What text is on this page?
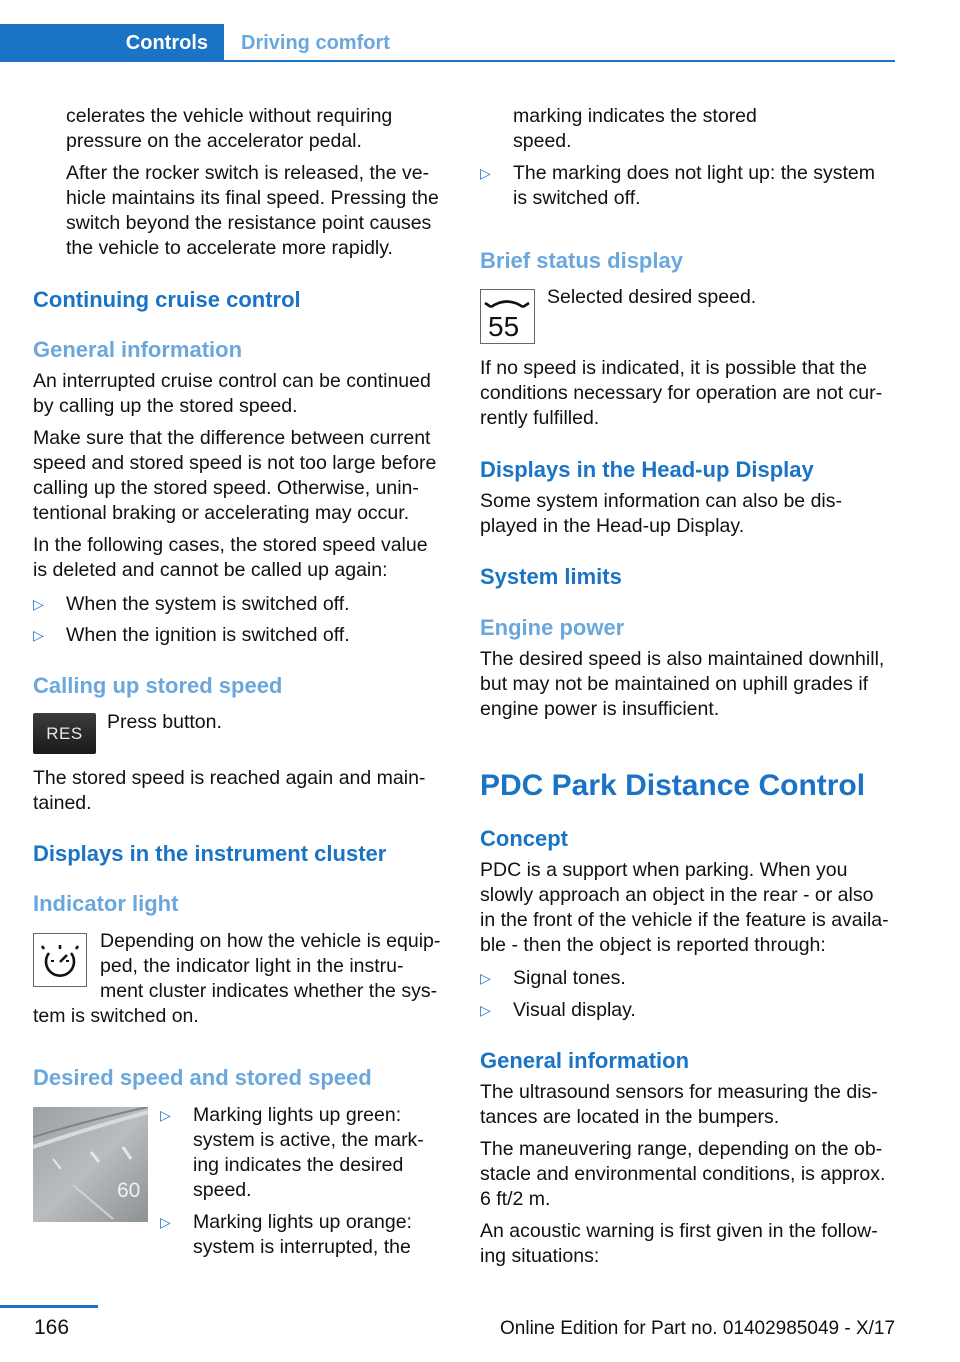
Controls Driving comfort
celerates the vehicle without requiring
pressure on the accelerator pedal.
After the rocker switch is released, the ve-
hicle maintains its final speed. Pressing the
switch beyond the resistance point causes
the vehicle to accelerate more rapidly.
Continuing cruise control
General information
An interrupted cruise control can be continued
by calling up the stored speed.
Make sure that the difference between current
speed and stored speed is not too large before
calling up the stored speed. Otherwise, unin-
tentional braking or accelerating may occur.
In the following cases, the stored speed value
is deleted and cannot be called up again:
▷ When the system is switched off.
▷ When the ignition is switched off.
Calling up stored speed
RES Press button.
The stored speed is reached again and main-
tained.
Displays in the instrument cluster
Indicator light
Depending on how the vehicle is equip-
ped, the indicator light in the instru-
ment cluster indicates whether the sys-
tem is switched on.
Desired speed and stored speed
60
▷ Marking lights up green:
system is active, the mark-
ing indicates the desired
speed.
▷ Marking lights up orange:
system is interrupted, the
marking indicates the stored
speed.
▷ The marking does not light up: the system
is switched off.
Brief status display
55
Selected desired speed.
If no speed is indicated, it is possible that the
conditions necessary for operation are not cur-
rently fulfilled.
Displays in the Head-up Display
Some system information can also be dis-
played in the Head-up Display.
System limits
Engine power
The desired speed is also maintained downhill,
but may not be maintained on uphill grades if
engine power is insufficient.
PDC Park Distance Control
Concept
PDC is a support when parking. When you
slowly approach an object in the rear - or also
in the front of the vehicle if the feature is availa-
ble - then the object is reported through:
▷ Signal tones.
▷ Visual display.
General information
The ultrasound sensors for measuring the dis-
tances are located in the bumpers.
The maneuvering range, depending on the ob-
stacle and environmental conditions, is approx.
6 ft/2 m.
An acoustic warning is first given in the follow-
ing situations:
166	Online Edition for Part no. 01402985049 - X/17
